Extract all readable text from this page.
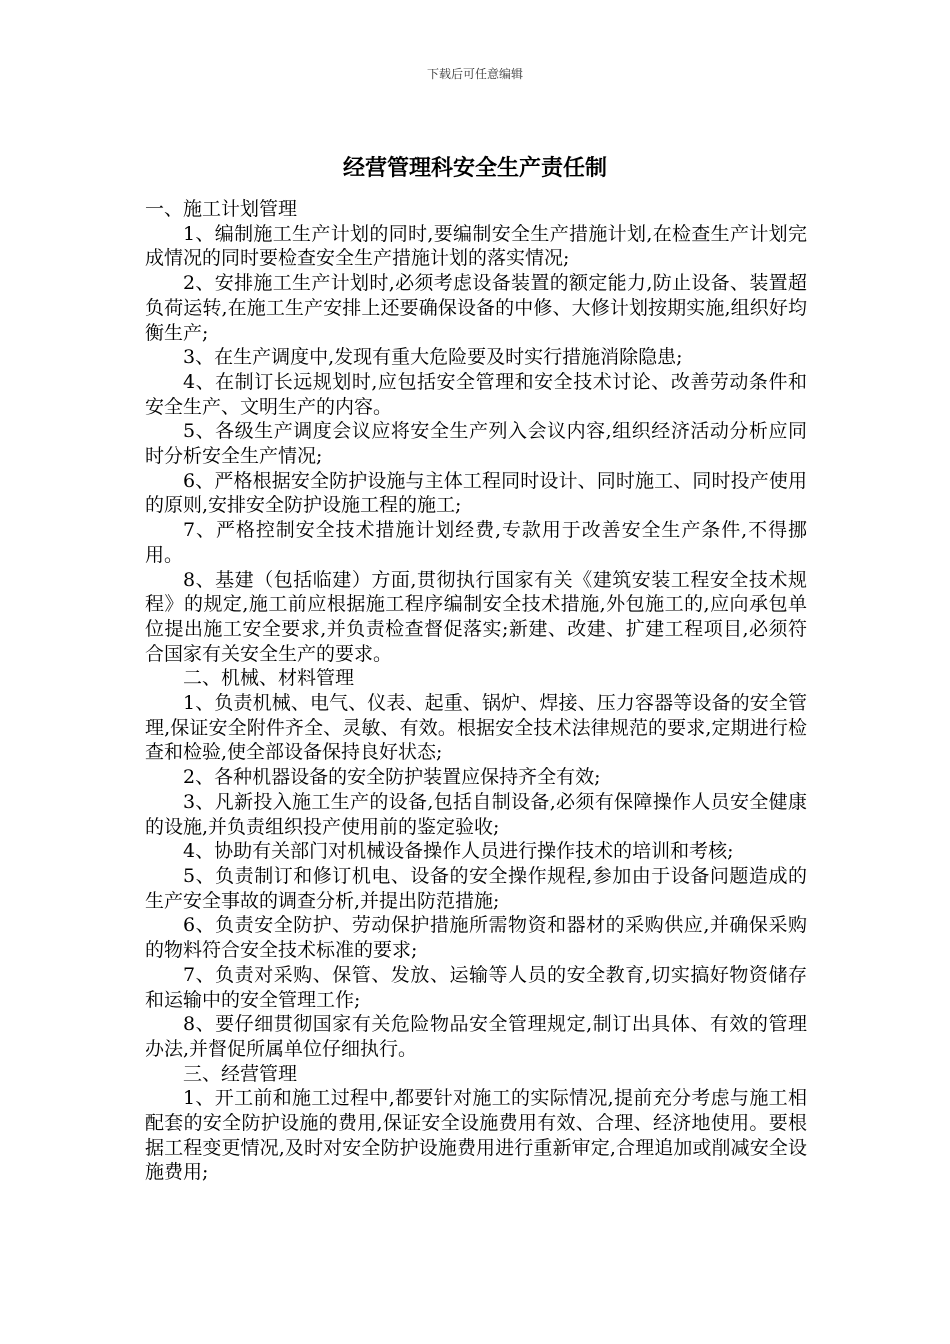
下载后可任意编辑
经营管理科安全生产责任制

一、施工计划管理

1、编制施工生产计划的同时,要编制安全生产措施计划,在检查生产计划完成情况的同时要检查安全生产措施计划的落实情况;

2、安排施工生产计划时,必须考虑设备装置的额定能力,防止设备、装置超负荷运转,在施工生产安排上还要确保设备的中修、大修计划按期实施,组织好均衡生产;

3、在生产调度中,发现有重大危险要及时实行措施消除隐患;

4、在制订长远规划时,应包括安全管理和安全技术讨论、改善劳动条件和安全生产、文明生产的内容。

5、各级生产调度会议应将安全生产列入会议内容,组织经济活动分析应同时分析安全生产情况;

6、严格根据安全防护设施与主体工程同时设计、同时施工、同时投产使用的原则,安排安全防护设施工程的施工;

7、严格控制安全技术措施计划经费,专款用于改善安全生产条件,不得挪用。

8、基建（包括临建）方面,贯彻执行国家有关《建筑安装工程安全技术规程》的规定,施工前应根据施工程序编制安全技术措施,外包施工的,应向承包单位提出施工安全要求,并负责检查督促落实;新建、改建、扩建工程项目,必须符合国家有关安全生产的要求。

二、机械、材料管理

1、负责机械、电气、仪表、起重、锅炉、焊接、压力容器等设备的安全管理,保证安全附件齐全、灵敏、有效。根据安全技术法律规范的要求,定期进行检查和检验,使全部设备保持良好状态;

2、各种机器设备的安全防护装置应保持齐全有效;

3、凡新投入施工生产的设备,包括自制设备,必须有保障操作人员安全健康的设施,并负责组织投产使用前的鉴定验收;

4、协助有关部门对机械设备操作人员进行操作技术的培训和考核;

5、负责制订和修订机电、设备的安全操作规程,参加由于设备问题造成的生产安全事故的调查分析,并提出防范措施;

6、负责安全防护、劳动保护措施所需物资和器材的采购供应,并确保采购的物料符合安全技术标准的要求;

7、负责对采购、保管、发放、运输等人员的安全教育,切实搞好物资储存和运输中的安全管理工作;

8、要仔细贯彻国家有关危险物品安全管理规定,制订出具体、有效的管理办法,并督促所属单位仔细执行。

三、经营管理

1、开工前和施工过程中,都要针对施工的实际情况,提前充分考虑与施工相配套的安全防护设施的费用,保证安全设施费用有效、合理、经济地使用。要根据工程变更情况,及时对安全防护设施费用进行重新审定,合理追加或削减安全设施费用;
